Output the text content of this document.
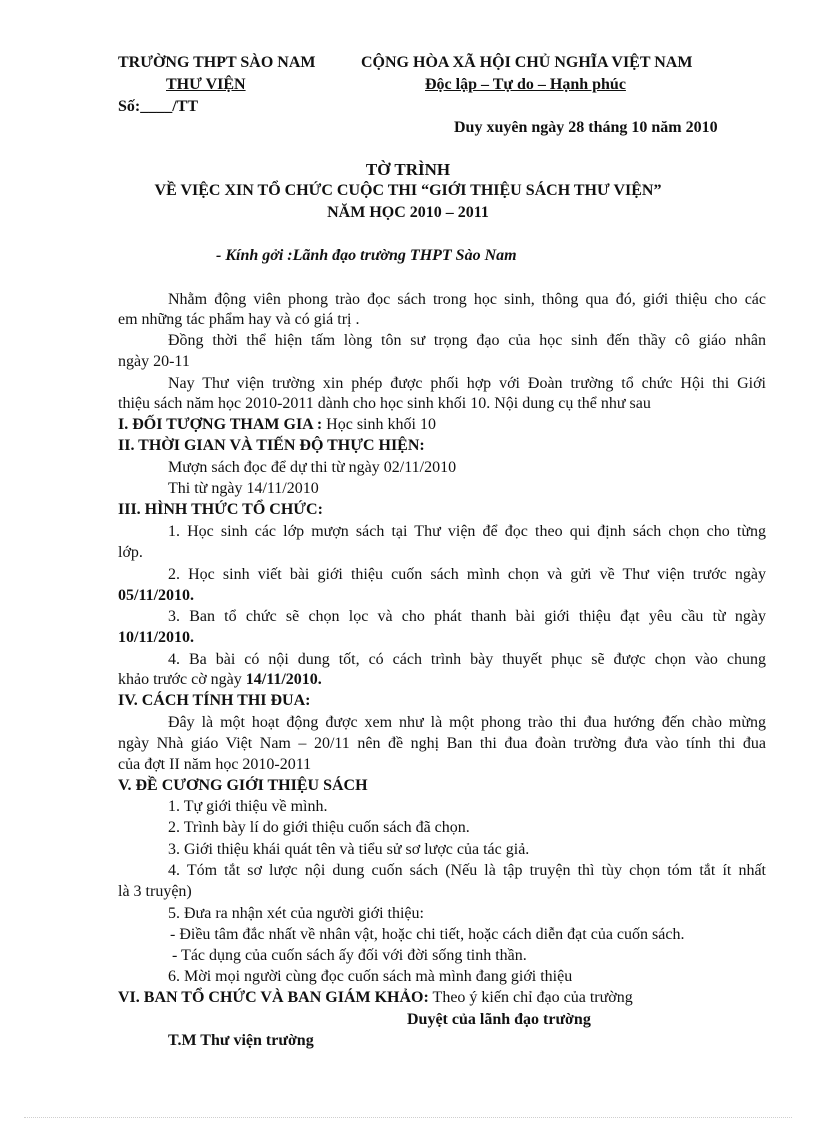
TRƯỜNG THPT SÀO NAM
THƯ VIỆN
Số:____/TT
CỘNG HÒA XÃ HỘI CHỦ NGHĨA VIỆT NAM
Độc lập – Tự do – Hạnh phúc
Duy xuyên ngày 28 tháng 10 năm 2010
TỜ TRÌNH
VỀ VIỆC XIN TỔ CHỨC CUỘC THI “GIỚI THIỆU SÁCH THƯ VIỆN”
NĂM HỌC 2010 – 2011
- Kính gởi :Lãnh đạo trường THPT Sào Nam
Nhằm động viên phong trào đọc sách trong học sinh, thông qua đó, giới thiệu cho các
em những tác phẩm hay và có giá trị .
Đồng thời thể hiện tấm lòng tôn sư trọng đạo của học sinh đến thầy cô giáo nhân
ngày 20-11
Nay Thư viện trường xin phép được phối hợp với Đoàn trường tổ chức Hội thi Giới
thiệu sách năm học 2010-2011 dành cho học sinh khối 10. Nội dung cụ thể như sau
I. ĐỐI TƯỢNG THAM GIA : Học sinh khối 10
II. THỜI GIAN VÀ TIẾN ĐỘ THỰC HIỆN:
Mượn sách đọc để dự thi từ ngày 02/11/2010
Thi từ ngày 14/11/2010
III. HÌNH THỨC TỔ CHỨC:
1. Học sinh các lớp mượn sách tại Thư viện để đọc theo qui định sách chọn cho từng
lớp.
2. Học sinh viết bài giới thiệu cuốn sách mình chọn và gửi về Thư viện trước ngày
05/11/2010.
3. Ban tổ chức sẽ chọn lọc và cho phát thanh bài giới thiệu đạt yêu cầu từ ngày
10/11/2010.
4. Ba bài có nội dung tốt, có cách trình bày thuyết phục sẽ được chọn vào chung
khảo trước cờ ngày 14/11/2010.
IV. CÁCH TÍNH THI ĐUA:
Đây là một hoạt động được xem như là một phong trào thi đua hướng đến chào mừng
ngày Nhà giáo Việt Nam – 20/11 nên đề nghị Ban thi đua đoàn trường đưa vào tính thi đua
của đợt II năm học 2010-2011
V. ĐỀ CƯƠNG GIỚI THIỆU SÁCH
1. Tự giới thiệu về mình.
2. Trình bày lí do giới thiệu cuốn sách đã chọn.
3. Giới thiệu khái quát tên và tiểu sử sơ lược của tác giả.
4. Tóm tắt sơ lược nội dung cuốn sách (Nếu là tập truyện thì tùy chọn tóm tắt ít nhất
là 3 truyện)
5. Đưa ra nhận xét của người giới thiệu:
- Điều tâm đắc nhất về nhân vật, hoặc chi tiết, hoặc cách diễn đạt của cuốn sách.
- Tác dụng của cuốn sách ấy đối với đời sống tinh thần.
6. Mời mọi người cùng đọc cuốn sách mà mình đang giới thiệu
VI. BAN TỔ CHỨC VÀ BAN GIÁM KHẢO: Theo ý kiến chỉ đạo của trường
Duyệt của lãnh đạo trường
T.M Thư viện trường
